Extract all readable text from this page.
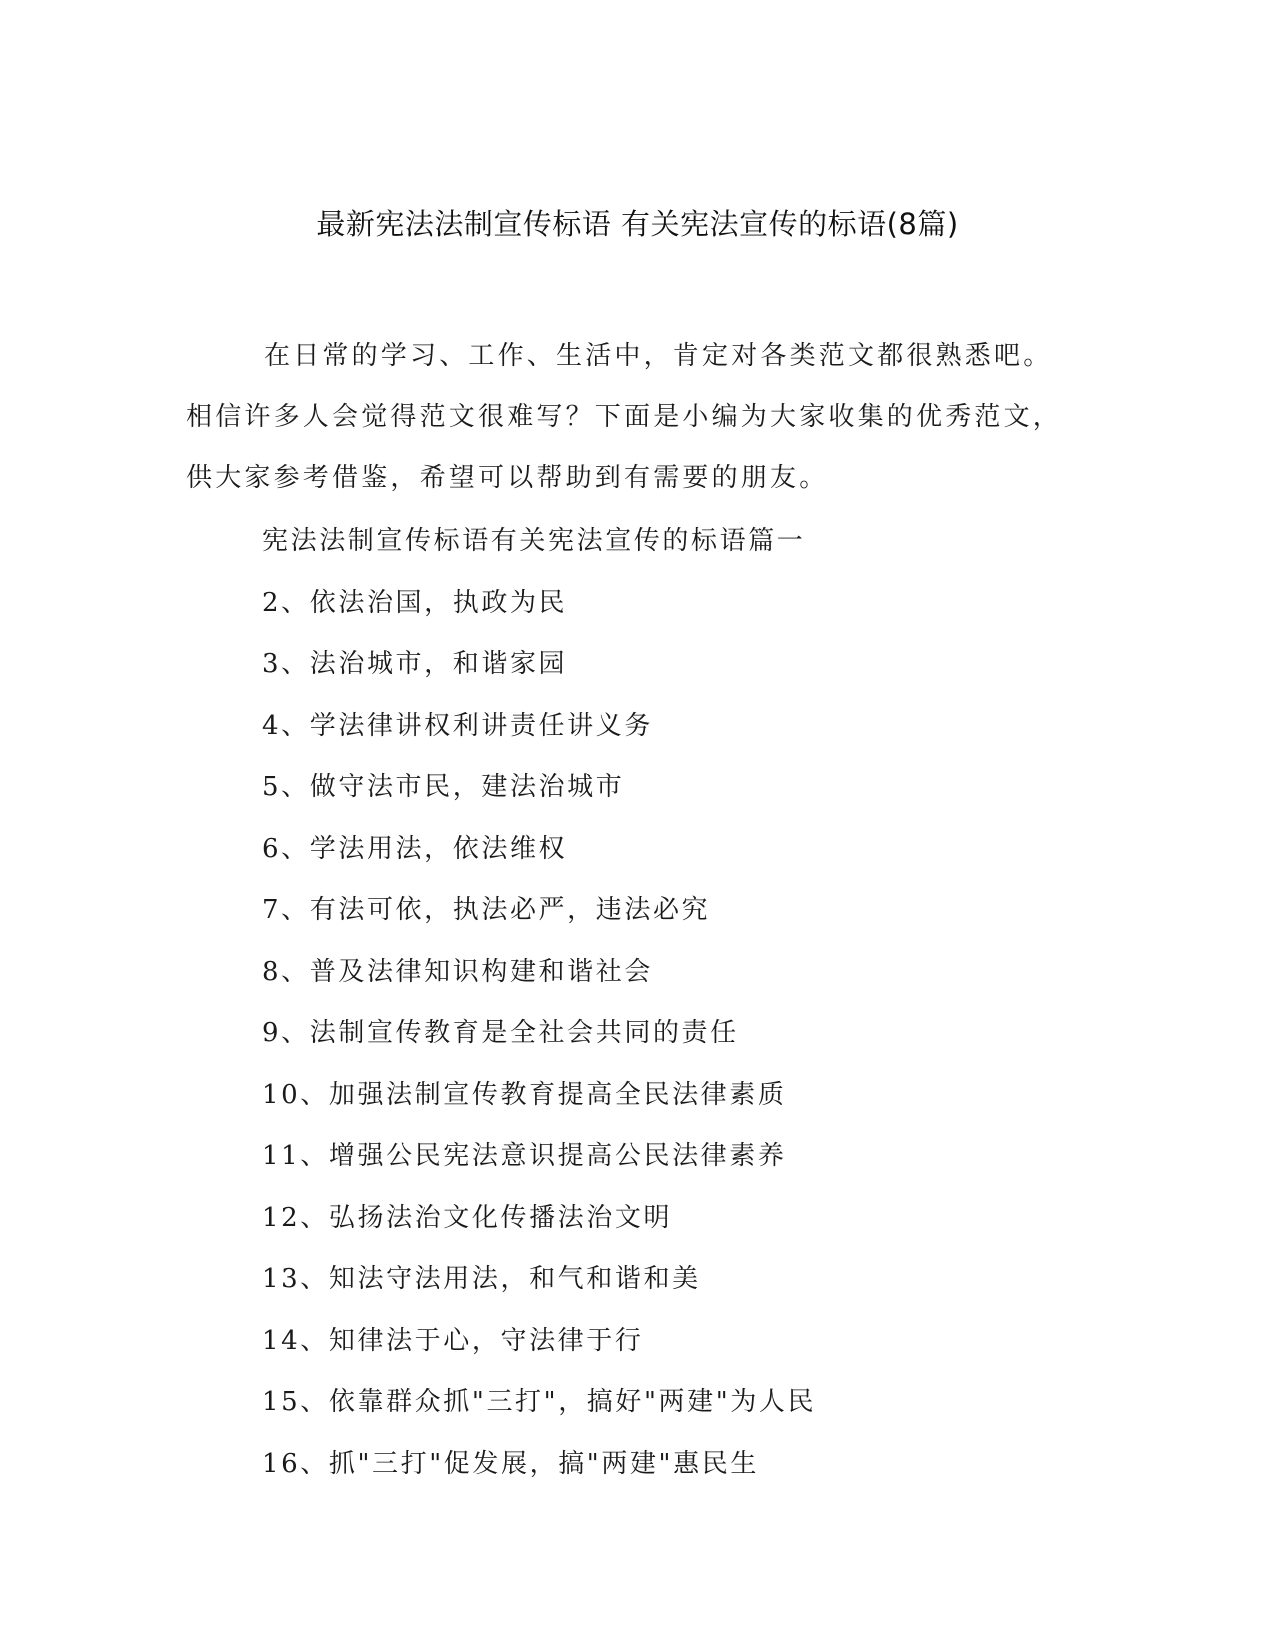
最新宪法法制宣传标语 有关宪法宣传的标语(8篇)

在日常的学习、工作、生活中，肯定对各类范文都很熟悉吧。相信许多人会觉得范文很难写？下面是小编为大家收集的优秀范文，供大家参考借鉴，希望可以帮助到有需要的朋友。

宪法法制宣传标语有关宪法宣传的标语篇一
2、依法治国，执政为民
3、法治城市，和谐家园
4、学法律讲权利讲责任讲义务
5、做守法市民，建法治城市
6、学法用法，依法维权
7、有法可依，执法必严，违法必究
8、普及法律知识构建和谐社会
9、法制宣传教育是全社会共同的责任
10、加强法制宣传教育提高全民法律素质
11、增强公民宪法意识提高公民法律素养
12、弘扬法治文化传播法治文明
13、知法守法用法，和气和谐和美
14、知律法于心，守法律于行
15、依靠群众抓"三打"，搞好"两建"为人民
16、抓"三打"促发展，搞"两建"惠民生
